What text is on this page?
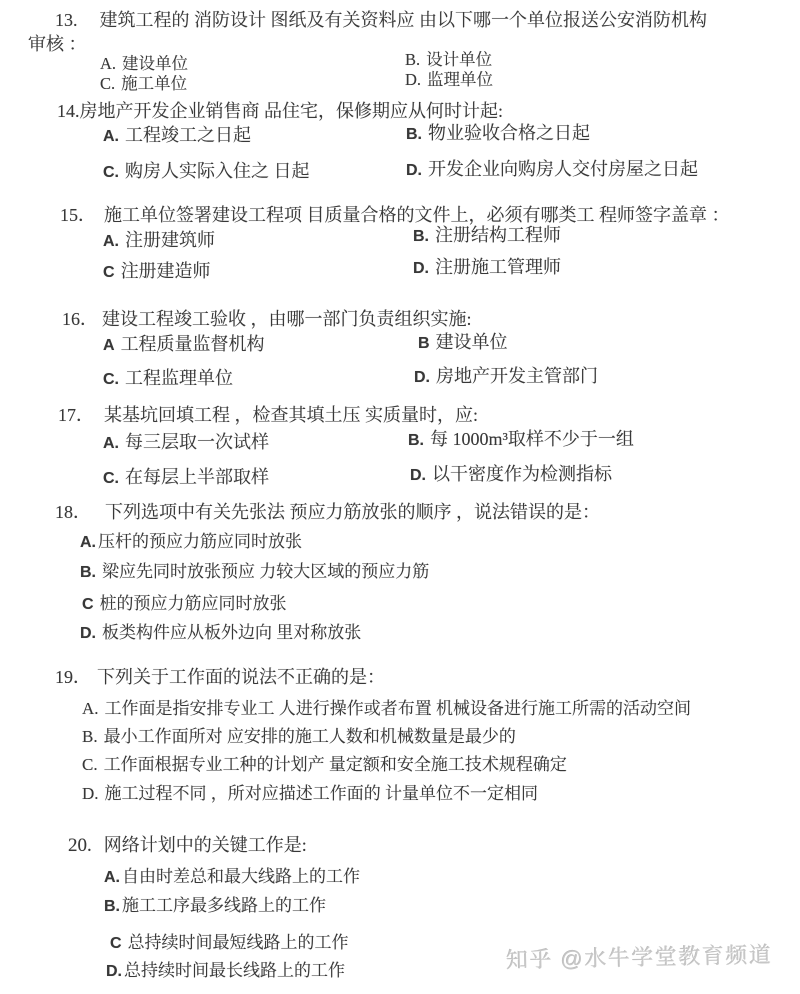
13. 建筑工程的 消防设计 图纸及有关资料应 由以下哪一个单位报送公安消防机构
审核 ：
A. 建设单位	B. 设计单位
C. 施工单位	D. 监理单位
14.房地产开发企业销售商 品住宅，保修期应从何时计起:
A. 工程竣工之日起	B. 物业验收合格之日起
C. 购房人实际入住之 日起	D. 开发企业向购房人交付房屋之日起
15． 施工单位签署建设工程项 目质量合格的文件上，必须有哪类工 程师签字盖章 ：
A. 注册建筑师	B. 注册结构工程师
C 注册建造师	D. 注册施工管理师
16． 建设工程竣工验收 ，由哪一部门负责组织实施:
A 工程质量监督机构	B 建设单位
C. 工程监理单位	D. 房地产开发主管部门
17． 某基坑回填工程 ，检查其填土压 实质量时，应:
A. 每三层取一次试样	B. 每 1000m³取样不少于一组
C. 在每层上半部取样	D. 以干密度作为检测指标
18． 下列选项中有关先张法 预应力筋放张的顺序 ，说法错误的是：
A. 压杆的预应力筋应同时放张
B. 梁应先同时放张预应 力较大区域的预应力筋
C 桩的预应力筋应同时放张
D. 板类构件应从板外边向 里对称放张
19． 下列关于工作面的说法不正确的是：
A. 工作面是指安排专业工 人进行操作或者布置 机械设备进行施工所需的活动空间
B. 最小工作面所对 应安排的施工人数和机械数量是最少的
C. 工作面根据专业工种的计划产 量定额和安全施工技术规程确定
D. 施工过程不同 ，所对应描述工作面的 计量单位不一定相同
20. 网络计划中的关键工作是:
A. 自由时差总和最大线路上的工作
B. 施工工序最多线路上的工作
C 总持续时间最短线路上的工作
D. 总持续时间最长线路上的工作	知乎 @水牛学堂教育频道
